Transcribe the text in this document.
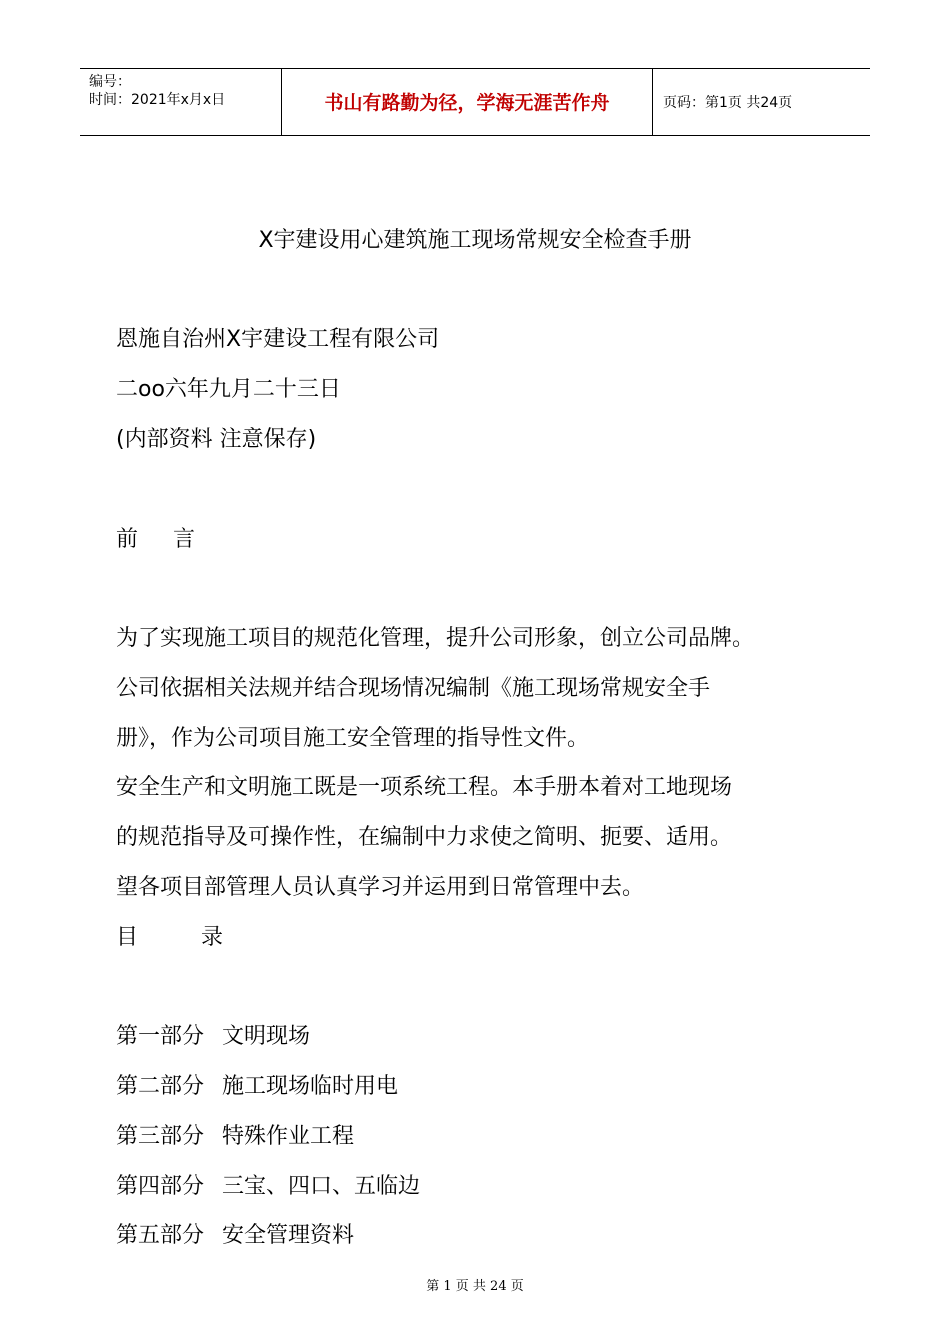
编号：
时间：2021年x月x日	书山有路勤为径，学海无涯苦作舟	页码：第1页 共24页
X宇建设用心建筑施工现场常规安全检查手册
恩施自治州X宇建设工程有限公司
二oo六年九月二十三日
(内部资料 注意保存)
前     言
为了实现施工项目的规范化管理，提升公司形象，创立公司品牌。
公司依据相关法规并结合现场情况编制《施工现场常规安全手
册》，作为公司项目施工安全管理的指导性文件。
安全生产和文明施工既是一项系统工程。本手册本着对工地现场
的规范指导及可操作性，在编制中力求使之简明、扼要、适用。
望各项目部管理人员认真学习并运用到日常管理中去。
目         录
第一部分 文明现场
第二部分 施工现场临时用电
第三部分 特殊作业工程
第四部分 三宝、四口、五临边
第五部分 安全管理资料
第 1 页 共 24 页
